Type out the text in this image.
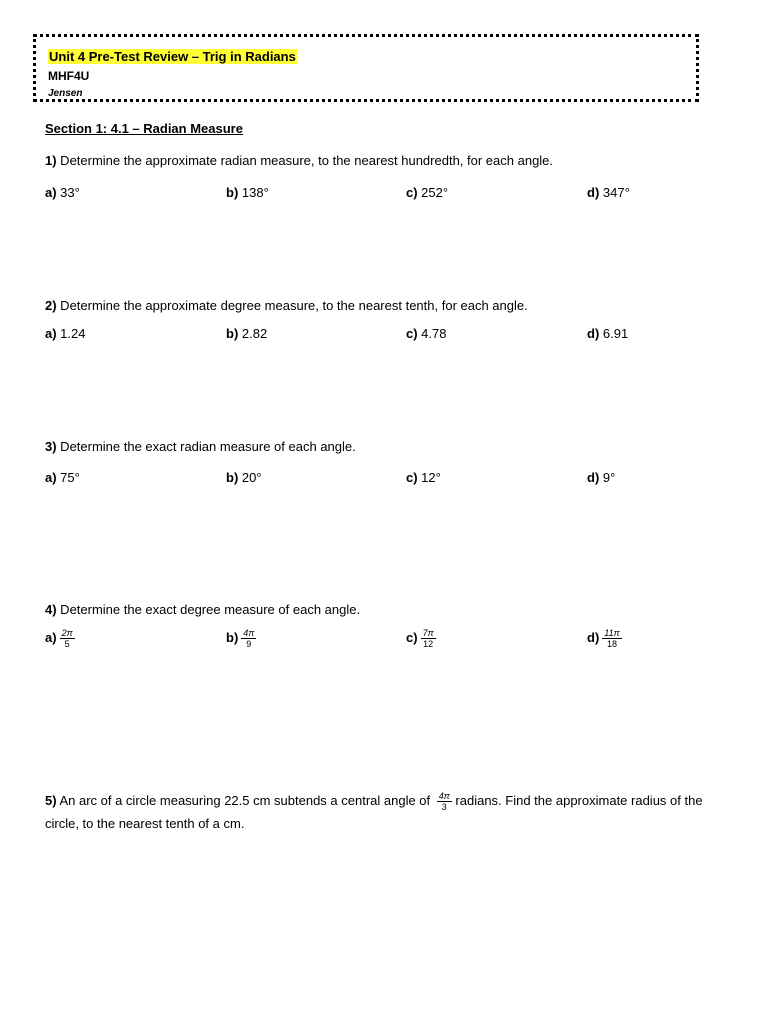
Unit 4 Pre-Test Review – Trig in Radians
MHF4U
Jensen
Section 1: 4.1 – Radian Measure
1) Determine the approximate radian measure, to the nearest hundredth, for each angle.
a) 33°	b) 138°	c) 252°	d) 347°
2) Determine the approximate degree measure, to the nearest tenth, for each angle.
a) 1.24	b) 2.82	c) 4.78	d) 6.91
3) Determine the exact radian measure of each angle.
a) 75°	b) 20°	c) 12°	d) 9°
4) Determine the exact degree measure of each angle.
$a) \frac{2\pi}{5}$	$b) \frac{4\pi}{9}$	$c) \frac{7\pi}{12}$	$d) \frac{11\pi}{18}$
5) An arc of a circle measuring 22.5 cm subtends a central angle of $\frac{4\pi}{3}$ radians. Find the approximate radius of the circle, to the nearest tenth of a cm.
